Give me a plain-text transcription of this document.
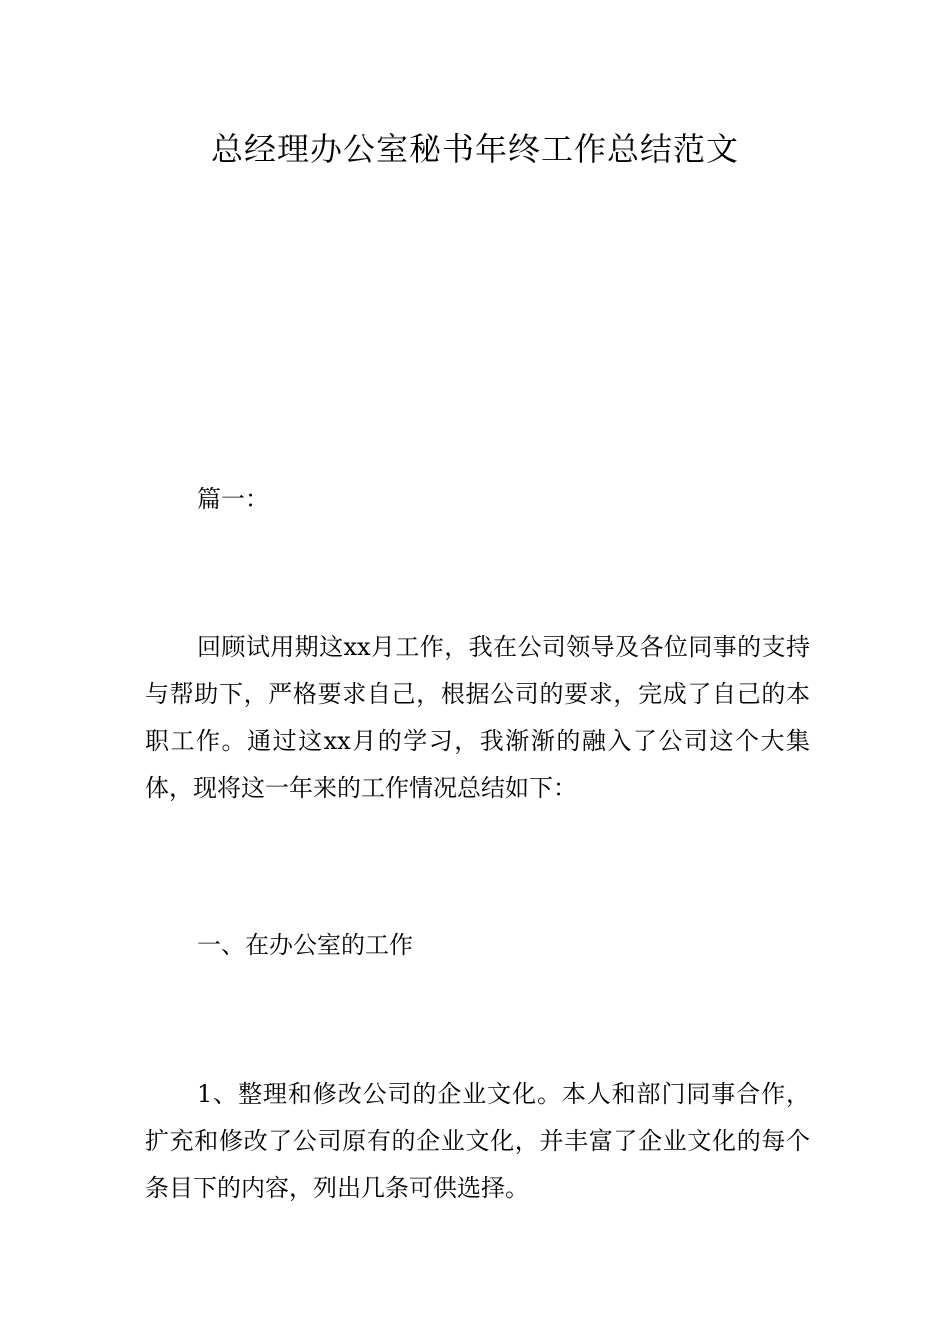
总经理办公室秘书年终工作总结范文

篇一：

回顾试用期这xx月工作，我在公司领导及各位同事的支持与帮助下，严格要求自己，根据公司的要求，完成了自己的本职工作。通过这xx月的学习，我渐渐的融入了公司这个大集体，现将这一年来的工作情况总结如下：

一、在办公室的工作

1、整理和修改公司的企业文化。本人和部门同事合作，扩充和修改了公司原有的企业文化，并丰富了企业文化的每个条目下的内容，列出几条可供选择。
